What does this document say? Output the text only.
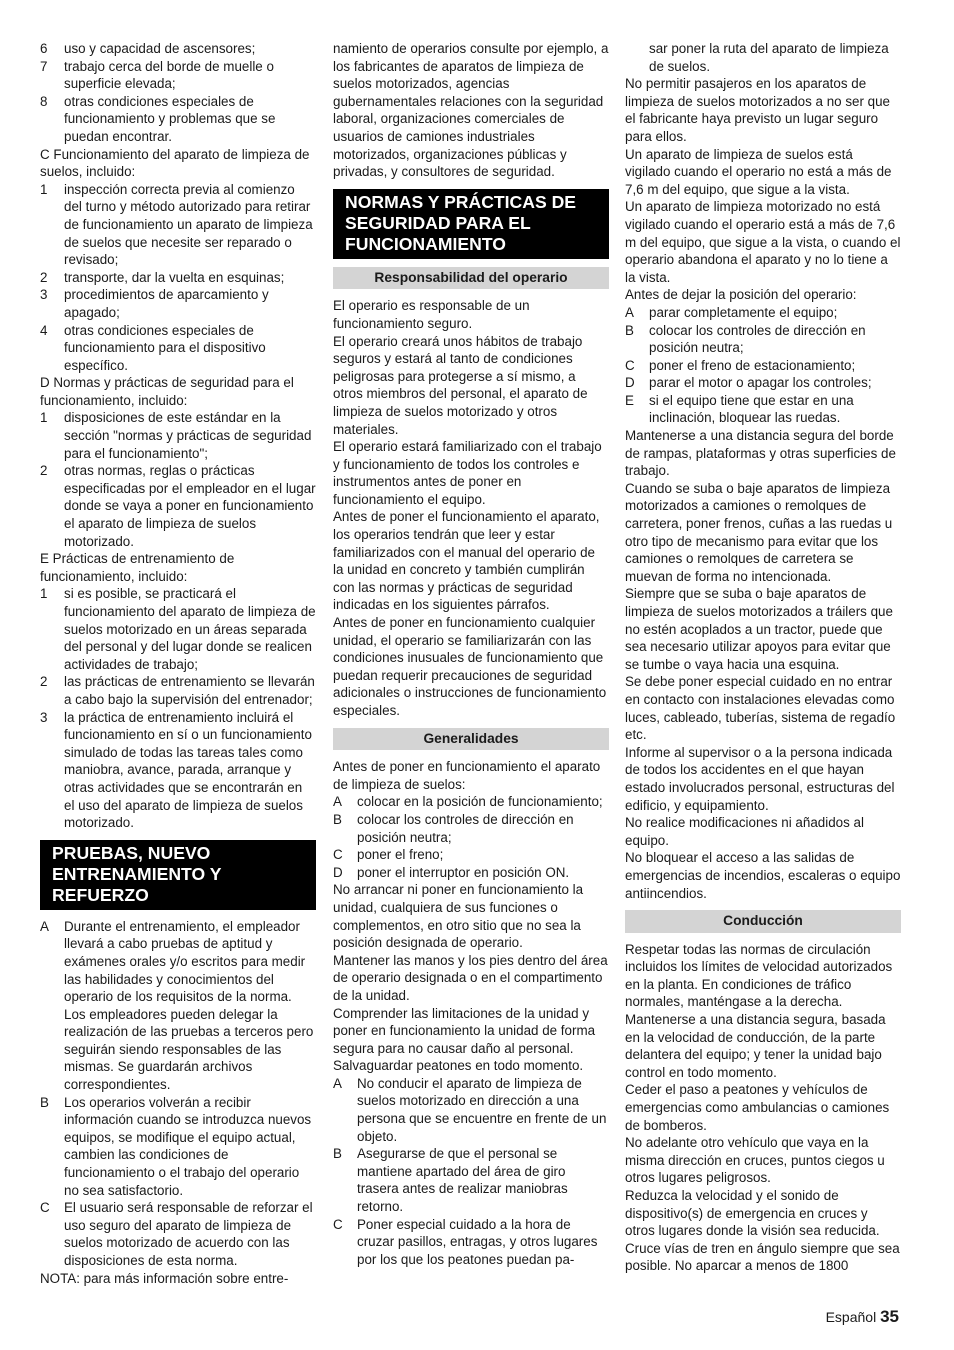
6	uso y capacidad de ascensores;
7	trabajo cerca del borde de muelle o superficie elevada;
8	otras condiciones especiales de funcionamiento y problemas que se puedan encontrar.

C Funcionamiento del aparato de limpieza de suelos, incluido:

1	inspección correcta previa al comienzo del turno y método autorizado para retirar de funcionamiento un aparato de limpieza de suelos que necesite ser reparado o revisado;
2	transporte, dar la vuelta en esquinas;
3	procedimientos de aparcamiento y apagado;
4	otras condiciones especiales de funcionamiento para el dispositivo específico.

D Normas y prácticas de seguridad para el funcionamiento, incluido:

1	disposiciones de este estándar en la sección "normas y prácticas de seguridad para el funcionamiento";
2	otras normas, reglas o prácticas especificadas por el empleador en el lugar donde se vaya a poner en funcionamiento el aparato de limpieza de suelos motorizado.

E Prácticas de entrenamiento de funcionamiento, incluido:

1	si es posible, se practicará el funcionamiento del aparato de limpieza de suelos motorizado en un áreas separada del personal y del lugar donde se realicen actividades de trabajo;
2	las prácticas de entrenamiento se llevarán a cabo bajo la supervisión del entrenador;
3	la práctica de entrenamiento incluirá el funcionamiento en sí o un funcionamiento simulado de todas las tareas tales como maniobra, avance, parada, arranque y otras actividades que se encontrarán en el uso del aparato de limpieza de suelos motorizado.
PRUEBAS, NUEVO ENTRENAMIENTO Y REFUERZO
A	Durante el entrenamiento, el empleador llevará a cabo pruebas de aptitud y exámenes orales y/o escritos para medir las habilidades y conocimientos del operario de los requisitos de la norma. Los empleadores pueden delegar la realización de las pruebas a terceros pero seguirán siendo responsables de las mismas. Se guardarán archivos correspondientes.
B	Los operarios volverán a recibir información cuando se introduzca nuevos equipos, se modifique el equipo actual, cambien las condiciones de funcionamiento o el trabajo del operario no sea satisfactorio.
C	El usuario será responsable de reforzar el uso seguro del aparato de limpieza de suelos motorizado de acuerdo con las disposiciones de esta norma.

NOTA: para más información sobre entre-

namiento de operarios consulte por ejemplo, a los fabricantes de aparatos de limpieza de suelos motorizados, agencias gubernamentales relaciones con la seguridad laboral, organizaciones comerciales de usuarios de camiones industriales motorizados, organizaciones públicas y privadas, y consultores de seguridad.

NORMAS Y PRÁCTICAS DE SEGURIDAD PARA EL FUNCIONAMIENTO
Responsabilidad del operario

El operario es responsable de un funcionamiento seguro.

El operario creará unos hábitos de trabajo seguros y estará al tanto de condiciones peligrosas para protegerse a sí mismo, a otros miembros del personal, el aparato de limpieza de suelos motorizado y otros materiales.

El operario estará familiarizado con el trabajo y funcionamiento de todos los controles e instrumentos antes de poner en funcionamiento el equipo.

Antes de poner el funcionamiento el aparato, los operarios tendrán que leer y estar familiarizados con el manual del operario de la unidad en concreto y también cumplirán con las normas y prácticas de seguridad indicadas en los siguientes párrafos.

Antes de poner en funcionamiento cualquier unidad, el operario se familiarizarán con las condiciones inusuales de funcionamiento que puedan requerir precauciones de seguridad adicionales o instrucciones de funcionamiento especiales.

Generalidades

Antes de poner en funcionamiento el aparato de limpieza de suelos:

A	colocar en la posición de funcionamiento;
B	colocar los controles de dirección en posición neutra;
C	poner el freno;
D	poner el interruptor en posición ON.

No arrancar ni poner en funcionamiento la unidad, cualquiera de sus funciones o complementos, en otro sitio que no sea la posición designada de operario.

Mantener las manos y los pies dentro del área de operario designada o en el compartimento de la unidad.

Comprender las limitaciones de la unidad y poner en funcionamiento la unidad de forma segura para no causar daño al personal. Salvaguardar peatones en todo momento.

A	No conducir el aparato de limpieza de suelos motorizado en dirección a una persona que se encuentre en frente de un objeto.
B	Asegurarse de que el personal se mantiene apartado del área de giro trasera antes de realizar maniobras retorno.
C	Poner especial cuidado a la hora de cruzar pasillos, entragas, y otros lugares por los que los peatones puedan pa-
sar poner la ruta del aparato de limpieza de suelos.

No permitir pasajeros en los aparatos de limpieza de suelos motorizados a no ser que el fabricante haya previsto un lugar seguro para ellos.

Un aparato de limpieza de suelos está vigilado cuando el operario no está a más de 7,6 m del equipo, que sigue a la vista.

Un aparato de limpieza motorizado no está vigilado cuando el operario está a más de 7,6 m del equipo, que sigue a la vista, o cuando el operario abandona el aparato y no lo tiene a la vista.

Antes de dejar la posición del operario:

A	parar completamente el equipo;
B	colocar los controles de dirección en posición neutra;
C	poner el freno de estacionamiento;
D	parar el motor o apagar los controles;
E	si el equipo tiene que estar en una inclinación, bloquear las ruedas.

Mantenerse a una distancia segura del borde de rampas, plataformas y otras superficies de trabajo.

Cuando se suba o baje aparatos de limpieza motorizados a camiones o remolques de carretera, poner frenos, cuñas a las ruedas u otro tipo de mecanismo para evitar que los camiones o remolques de carretera se muevan de forma no intencionada.

Siempre que se suba o baje aparatos de limpieza de suelos motorizados a tráilers que no estén acoplados a un tractor, puede que sea necesario utilizar apoyos para evitar que se tumbe o vaya hacia una esquina.

Se debe poner especial cuidado en no entrar en contacto con instalaciones elevadas como luces, cableado, tuberías, sistema de regadío etc.

Informe al supervisor o a la persona indicada de todos los accidentes en el que hayan estado involucrados personal, estructuras del edificio, y equipamiento.

No realice modificaciones ni añadidos al equipo.

No bloquear el acceso a las salidas de emergencias de incendios, escaleras o equipo antiincendios.

Conducción

Respetar todas las normas de circulación incluidos los límites de velocidad autorizados en la planta. En condiciones de tráfico normales, manténgase a la derecha. Mantenerse a una distancia segura, basada en la velocidad de conducción, de la parte delantera del equipo; y tener la unidad bajo control en todo momento.

Ceder el paso a peatones y vehículos de emergencias como ambulancias o camiones de bomberos.

No adelante otro vehículo que vaya en la misma dirección en cruces, puntos ciegos u otros lugares peligrosos.

Reduzca la velocidad y el sonido de dispositivo(s) de emergencia en cruces y otros lugares donde la visión sea reducida.

Cruce vías de tren en ángulo siempre que sea posible. No aparcar a menos de 1800

Español 35
